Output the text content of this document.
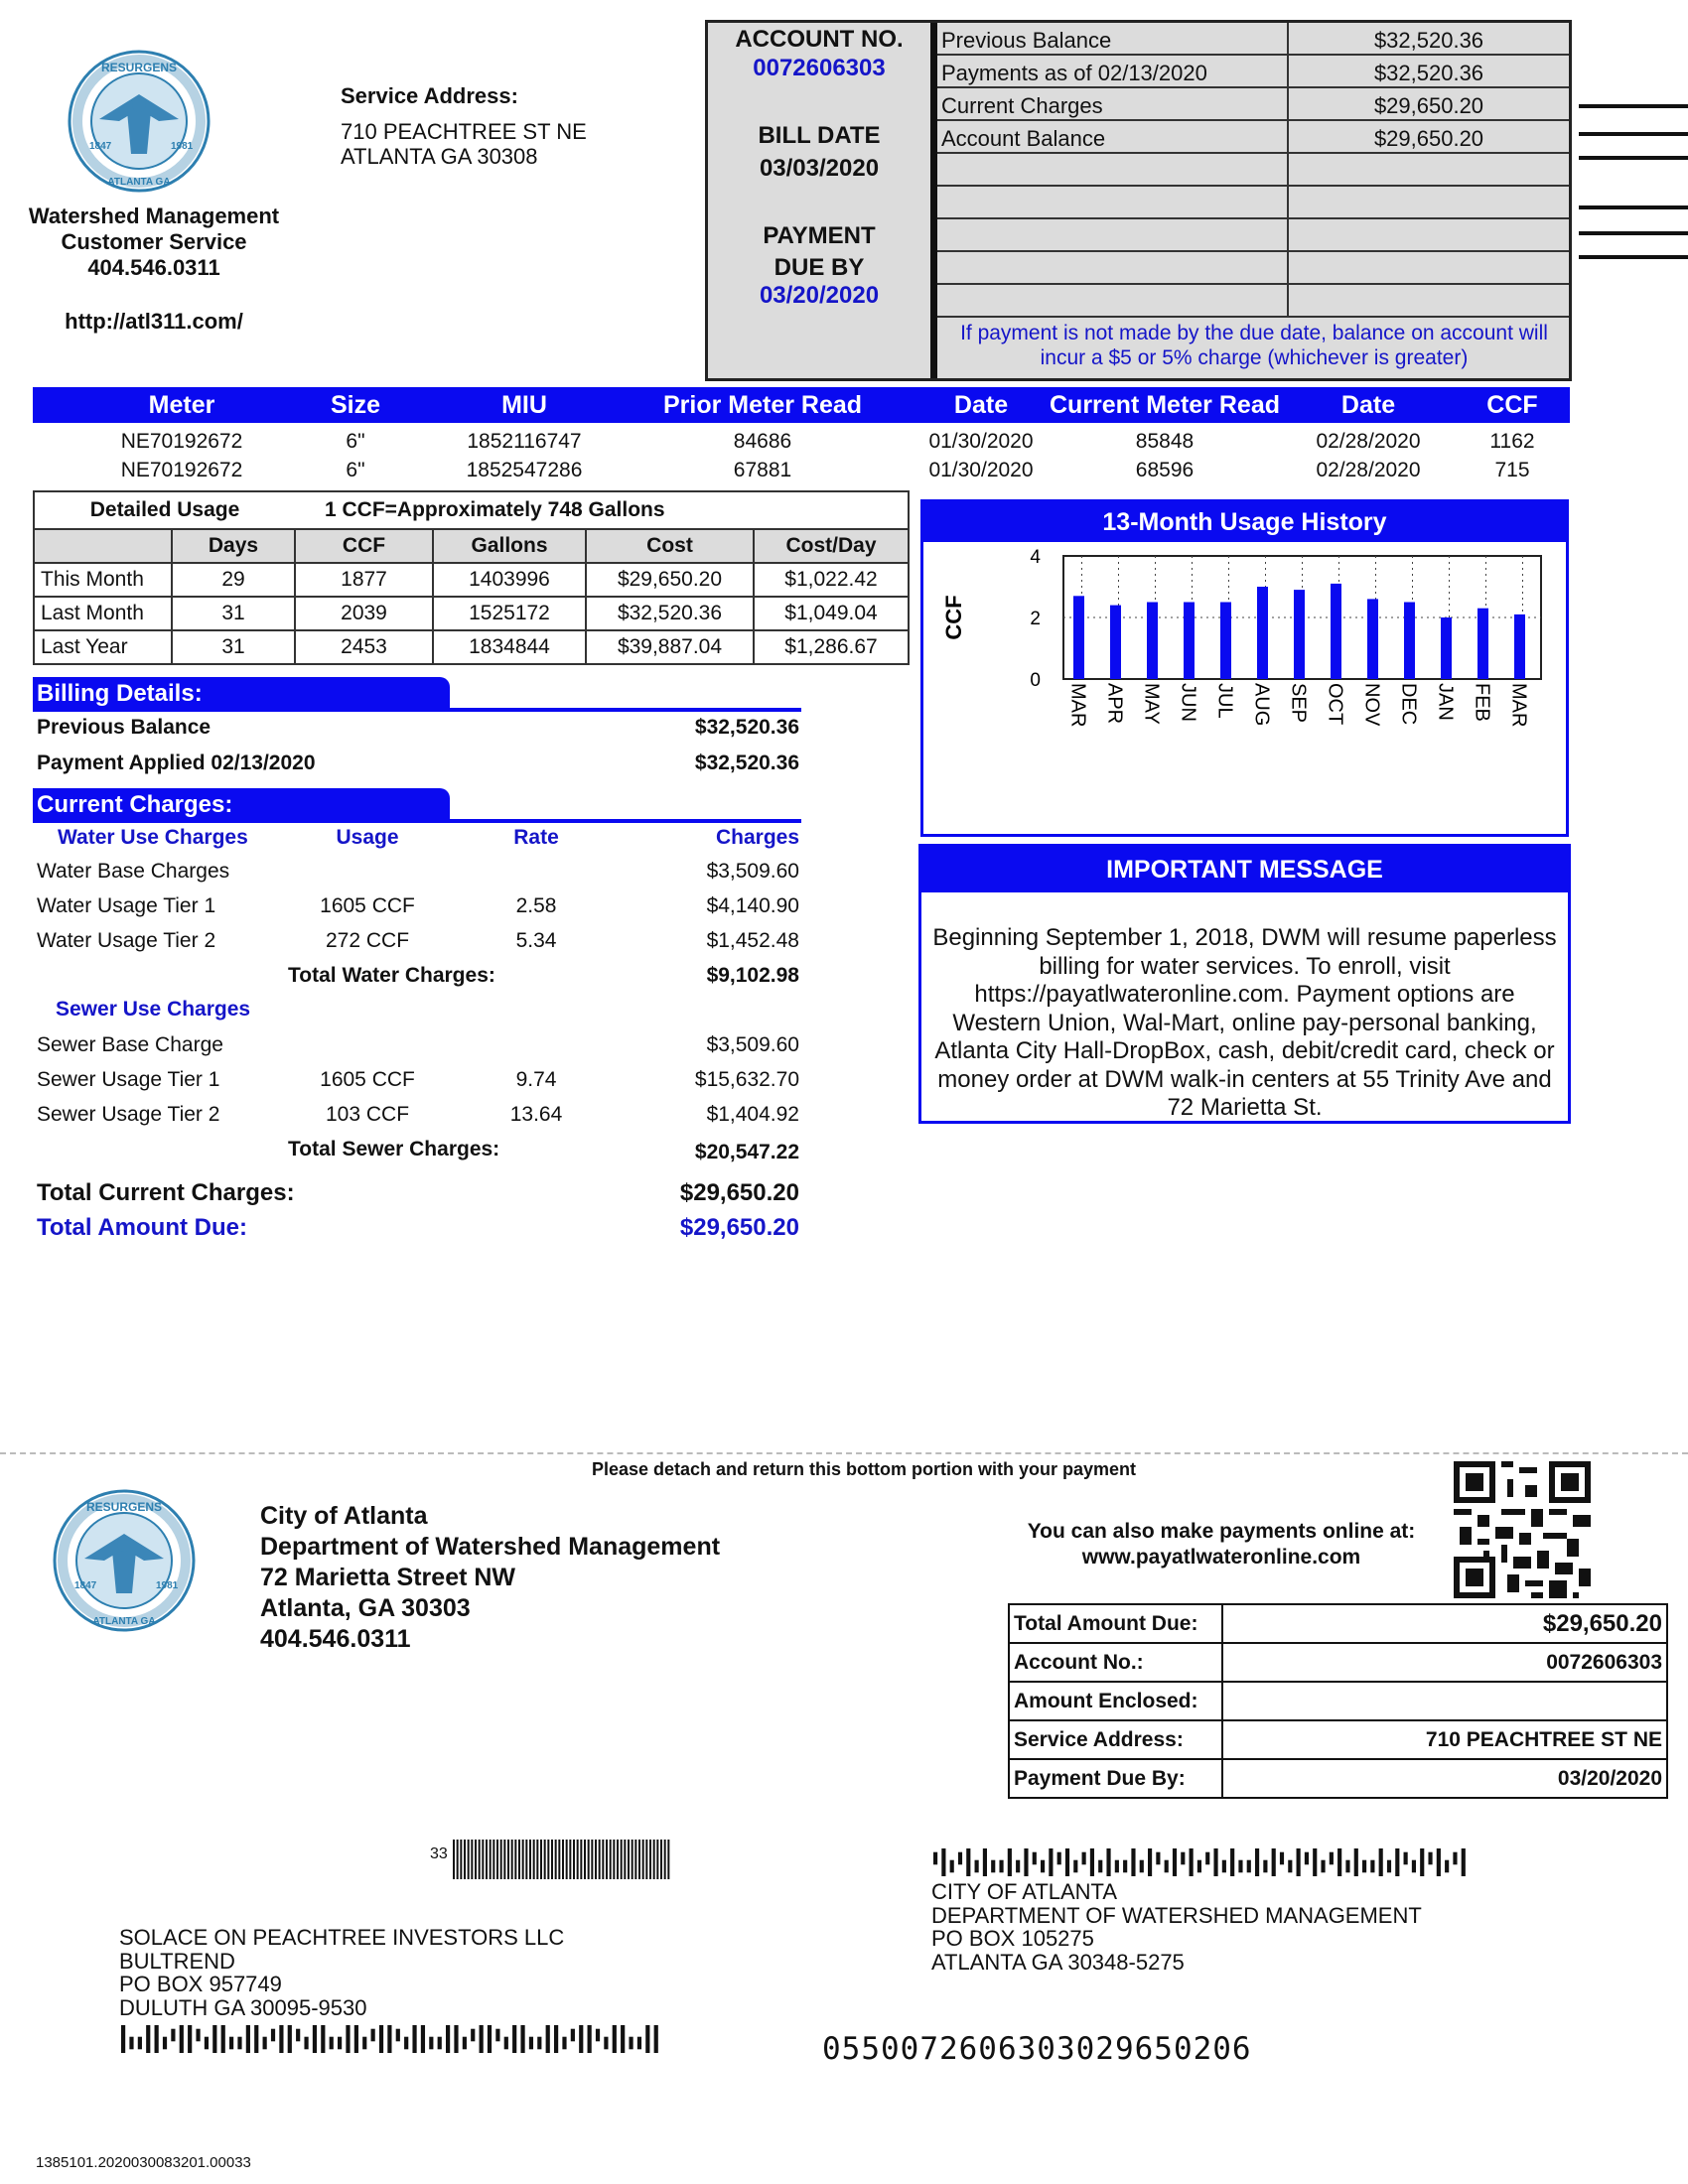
RESURGENS
ATLANTA GA
1847	1981
Service Address:
710 PEACHTREE ST NE
ATLANTA GA 30308
Watershed Management
Customer Service
404.546.0311
http://atl311.com/
ACCOUNT NO.
0072606303
BILL DATE
03/03/2020
PAYMENT
DUE BY
03/20/2020
Previous Balance	$32,520.36
Payments as of 02/13/2020	$32,520.36
Current Charges	$29,650.20
Account Balance	$29,650.20
If payment is not made by the due date, balance on account will incur a $5 or 5% charge (whichever is greater)
Meter	Size	MIU	Prior Meter Read	Date	Current Meter Read	Date	CCF
NE70192672	6"	1852116747	84686	01/30/2020	85848	02/28/2020	1162
NE70192672	6"	1852547286	67881	01/30/2020	68596	02/28/2020	715
Detailed Usage		1 CCF=Approximately 748 Gallons			
	Days	CCF	Gallons	Cost	Cost/Day
This Month	29	1877	1403996	$29,650.20	$1,022.42
Last Month	31	2039	1525172	$32,520.36	$1,049.04
Last Year	31	2453	1834844	$39,887.04	$1,286.67
Billing Details:
Previous Balance	$32,520.36
Payment Applied 02/13/2020	$32,520.36
Current Charges:
Water Use Charges	Usage	Rate	Charges
Water Base Charges	$3,509.60
Water Usage Tier 1	1605 CCF	2.58	$4,140.90
Water Usage Tier 2	272 CCF	5.34	$1,452.48
Total Water Charges:	$9,102.98
Sewer Use Charges
Sewer Base Charge	$3,509.60
Sewer Usage Tier 1	1605 CCF	9.74	$15,632.70
Sewer Usage Tier 2	103 CCF	13.64	$1,404.92
Total Sewer Charges:	$20,547.22
Total Current Charges:	$29,650.20
Total Amount Due:	$29,650.20
13-Month Usage History
CCF
4
2
0
MAR APR MAY JUN JUL AUG SEP OCT NOV DEC JAN FEB MAR
IMPORTANT MESSAGE
Beginning September 1, 2018, DWM will resume paperless billing for water services. To enroll, visit https://payatlwateronline.com. Payment options are Western Union, Wal-Mart, online pay-personal banking, Atlanta City Hall-DropBox, cash, debit/credit card, check or money order at DWM walk-in centers at 55 Trinity Ave and 72 Marietta St.
Please detach and return this bottom portion with your payment
RESURGENS
ATLANTA GA
1847	1981
City of Atlanta
Department of Watershed Management
72 Marietta Street NW
Atlanta, GA 30303
404.546.0311
You can also make payments online at:
www.payatlwateronline.com
Total Amount Due:	$29,650.20
Account No.:	0072606303
Amount Enclosed:	
Service Address:	710 PEACHTREE ST NE
Payment Due By:	03/20/2020
33
CITY OF ATLANTA
DEPARTMENT OF WATERSHED MANAGEMENT
PO BOX 105275
ATLANTA GA 30348-5275
SOLACE ON PEACHTREE INVESTORS LLC
BULTREND
PO BOX 957749
DULUTH GA 30095-9530
0550072606303029650206
1385101.2020030083201.00033
